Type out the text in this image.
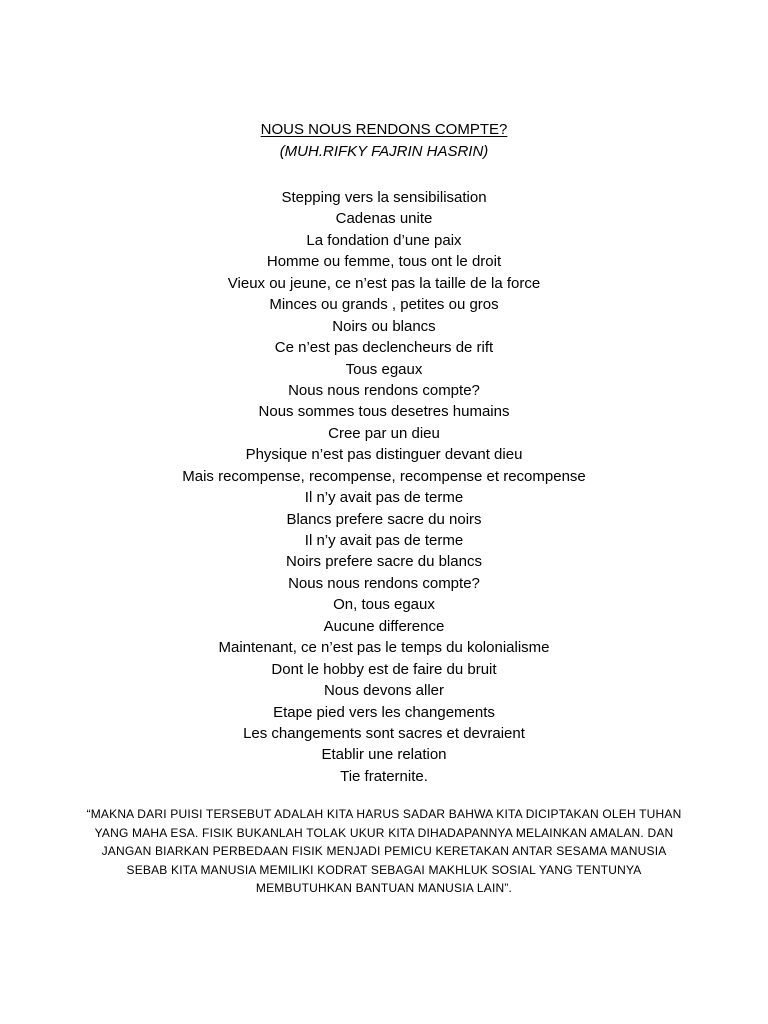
NOUS NOUS RENDONS COMPTE?
(MUH.RIFKY FAJRIN HASRIN)
Stepping vers la sensibilisation
Cadenas unite
La fondation d’une paix
Homme ou femme, tous ont le droit
Vieux ou jeune, ce n’est pas la taille de la force
Minces ou grands , petites ou gros
Noirs ou blancs
Ce n’est pas declencheurs de rift
Tous egaux
Nous nous rendons compte?
Nous sommes tous desetres humains
Cree par un dieu
Physique n’est pas distinguer devant dieu
Mais recompense, recompense, recompense et recompense
Il n’y avait pas de terme
Blancs prefere sacre du noirs
Il n’y avait pas de terme
Noirs prefere sacre du blancs
Nous nous rendons compte?
On, tous egaux
Aucune difference
Maintenant, ce n’est pas le temps du kolonialisme
Dont le hobby est de faire du bruit
Nous devons aller
Etape pied vers les changements
Les changements sont sacres et devraient
Etablir une relation
Tie fraternite.

“MAKNA DARI PUISI TERSEBUT ADALAH KITA HARUS SADAR BAHWA KITA DICIPTAKAN OLEH TUHAN YANG MAHA ESA. FISIK BUKANLAH TOLAK UKUR KITA DIHADAPANNYA MELAINKAN AMALAN. DAN JANGAN BIARKAN PERBEDAAN FISIK MENJADI PEMICU KERETAKAN ANTAR SESAMA MANUSIA SEBAB KITA MANUSIA MEMILIKI KODRAT SEBAGAI MAKHLUK SOSIAL YANG TENTUNYA MEMBUTUHKAN BANTUAN MANUSIA LAIN”.
